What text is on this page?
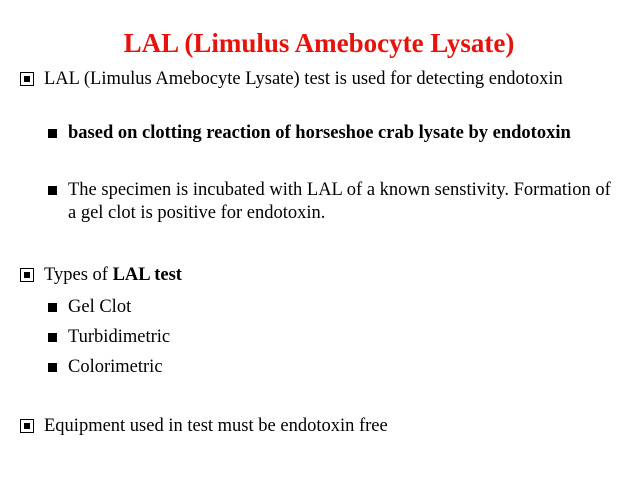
LAL (Limulus Amebocyte Lysate)
LAL (Limulus Amebocyte Lysate) test is used for detecting endotoxin
based on clotting reaction of horseshoe crab lysate by endotoxin
The specimen is incubated with LAL of a known senstivity. Formation of a gel clot is positive for endotoxin.
Types of LAL test
Gel Clot
Turbidimetric
Colorimetric
Equipment used in test must be endotoxin free
